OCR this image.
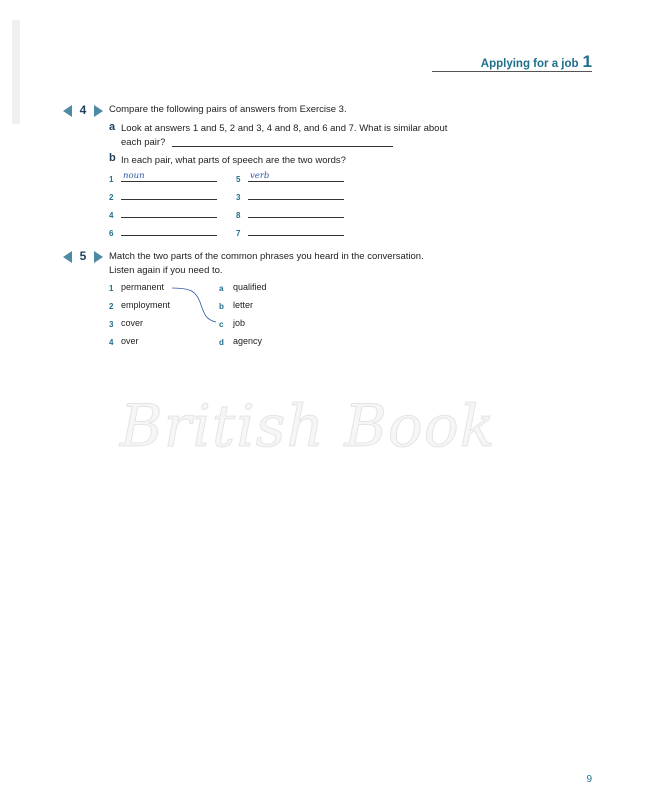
Applying for a job 1
British Book
4	Compare the following pairs of answers from Exercise 3.
a Look at answers 1 and 5, 2 and 3, 4 and 8, and 6 and 7. What is similar about
each pair?
b In each pair, what parts of speech are the two words?
1 noun	5 verb
2	3
4	8
6	7
5	Match the two parts of the common phrases you heard in the conversation.
Listen again if you need to.
1 permanent	a qualified
2 employment	b letter
3 cover	c job
4 over	d agency
9
